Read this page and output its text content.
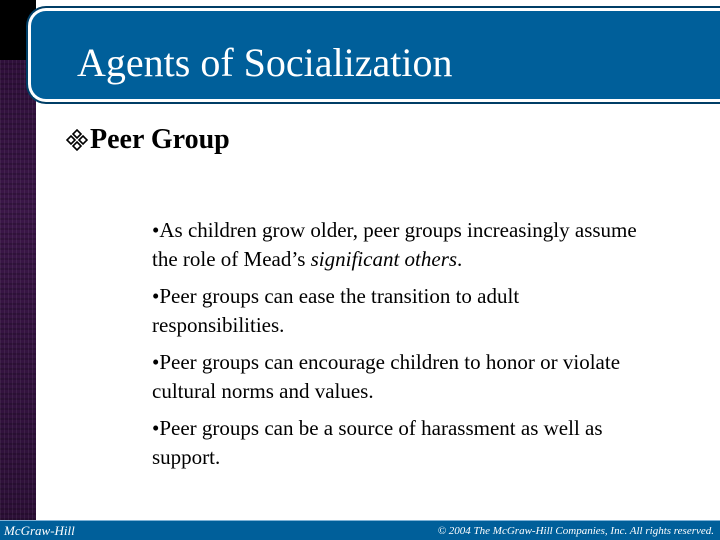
Agents of Socialization
Peer Group
•As children grow older, peer groups increasingly assume the role of Mead’s significant others.
•Peer groups can ease the transition to adult responsibilities.
•Peer groups can encourage children to honor or violate cultural norms and values.
•Peer groups can be a source of harassment as well as support.
McGraw-Hill	© 2004 The McGraw-Hill Companies, Inc. All rights reserved.
